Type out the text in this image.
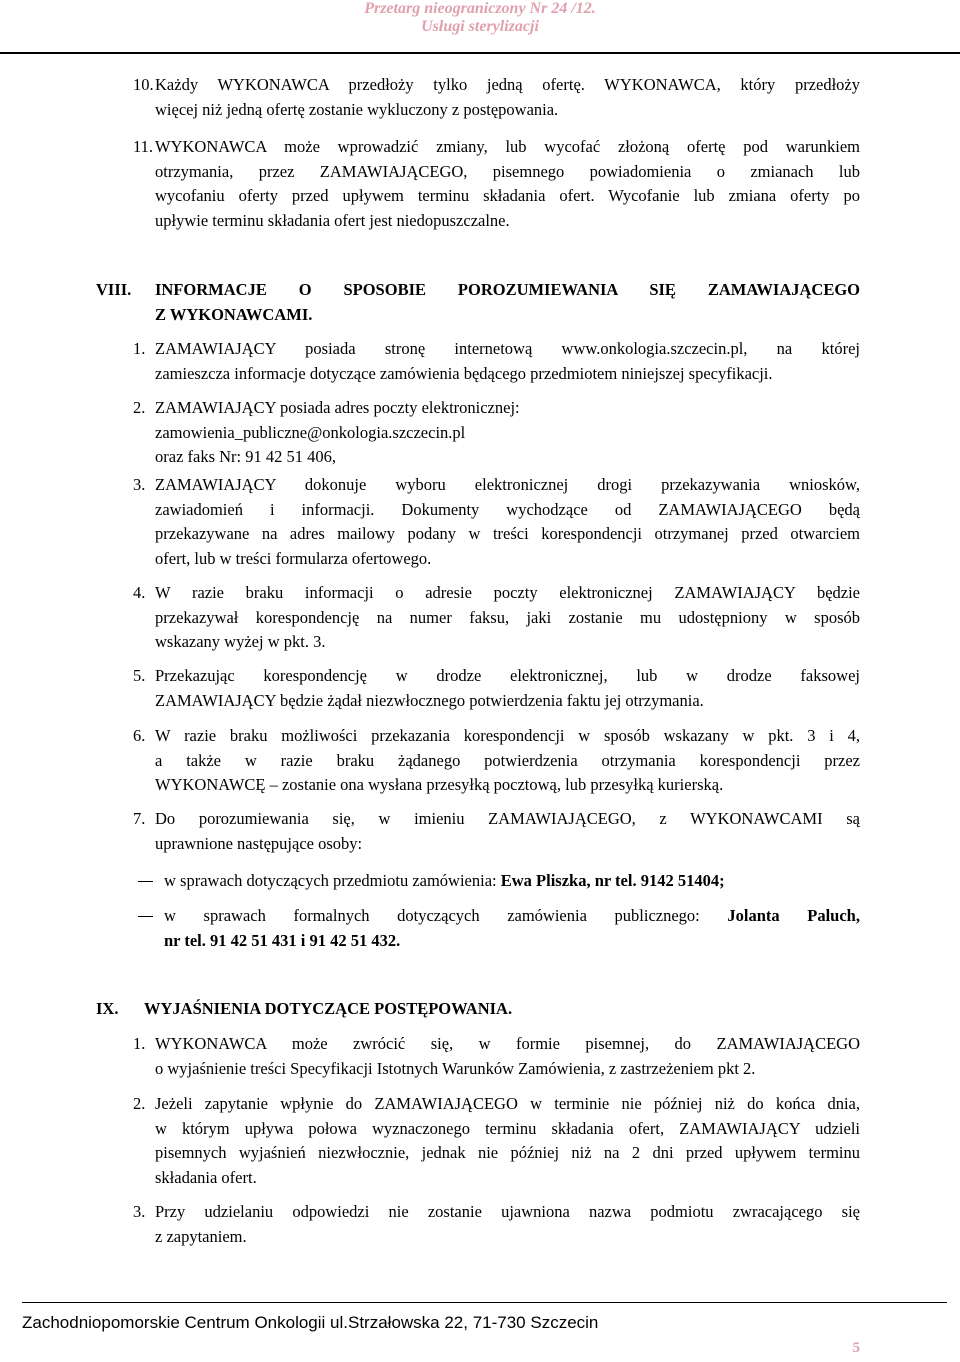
Przetarg nieograniczony Nr 24 /12.
Usługi sterylizacji
10. Każdy WYKONAWCA przedłoży tylko jedną ofertę. WYKONAWCA, który przedłoży

więcej niż jedną ofertę zostanie wykluczony z postępowania.

11. WYKONAWCA może wprowadzić zmiany, lub wycofać złożoną ofertę pod warunkiem

otrzymania, przez ZAMAWIAJĄCEGO, pisemnego powiadomienia o zmianach lub

wycofaniu oferty przed upływem terminu składania ofert. Wycofanie lub zmiana oferty po

upływie terminu składania ofert jest niedopuszczalne.

VIII. INFORMACJE O SPOSOBIE POROZUMIEWANIA SIĘ ZAMAWIAJĄCEGO

Z WYKONAWCAMI.

1. ZAMAWIAJĄCY posiada stronę internetową www.onkologia.szczecin.pl, na której

zamieszcza informacje dotyczące zamówienia będącego przedmiotem niniejszej specyfikacji.

2. ZAMAWIAJĄCY posiada adres poczty elektronicznej:

zamowienia_publiczne@onkologia.szczecin.pl

oraz faks Nr: 91 42 51 406,

3. ZAMAWIAJĄCY dokonuje wyboru elektronicznej drogi przekazywania wniosków,

zawiadomień i informacji. Dokumenty wychodzące od ZAMAWIAJĄCEGO będą

przekazywane na adres mailowy podany w treści korespondencji otrzymanej przed otwarciem

ofert, lub w treści formularza ofertowego.

4. W razie braku informacji o adresie poczty elektronicznej ZAMAWIAJĄCY będzie

przekazywał korespondencję na numer faksu, jaki zostanie mu udostępniony w sposób

wskazany wyżej w pkt. 3.

5. Przekazując korespondencję w drodze elektronicznej, lub w drodze faksowej

ZAMAWIAJĄCY będzie żądał niezwłocznego potwierdzenia faktu jej otrzymania.

6. W razie braku możliwości przekazania korespondencji w sposób wskazany w pkt. 3 i 4,

a także w razie braku żądanego potwierdzenia otrzymania korespondencji przez

WYKONAWCĘ – zostanie ona wysłana przesyłką pocztową, lub przesyłką kurierską.

7. Do porozumiewania się, w imieniu ZAMAWIAJĄCEGO, z WYKONAWCAMI są

uprawnione następujące osoby:

w sprawach dotyczących przedmiotu zamówienia: Ewa Pliszka, nr tel. 9142 51404;

w sprawach formalnych dotyczących zamówienia publicznego: Jolanta Paluch,

nr tel. 91 42 51 431 i 91 42 51 432.

IX. WYJAŚNIENIA DOTYCZĄCE POSTĘPOWANIA.
1. WYKONAWCA może zwrócić się, w formie pisemnej, do ZAMAWIAJĄCEGO

o wyjaśnienie treści Specyfikacji Istotnych Warunków Zamówienia, z zastrzeżeniem pkt 2.

2. Jeżeli zapytanie wpłynie do ZAMAWIAJĄCEGO w terminie nie później niż do końca dnia,

w którym upływa połowa wyznaczonego terminu składania ofert, ZAMAWIAJĄCY udzieli

pisemnych wyjaśnień niezwłocznie, jednak nie później niż na 2 dni przed upływem terminu

składania ofert.

3. Przy udzielaniu odpowiedzi nie zostanie ujawniona nazwa podmiotu zwracającego się

z zapytaniem.

Zachodniopomorskie Centrum Onkologii ul.Strzałowska 22, 71-730 Szczecin
5
